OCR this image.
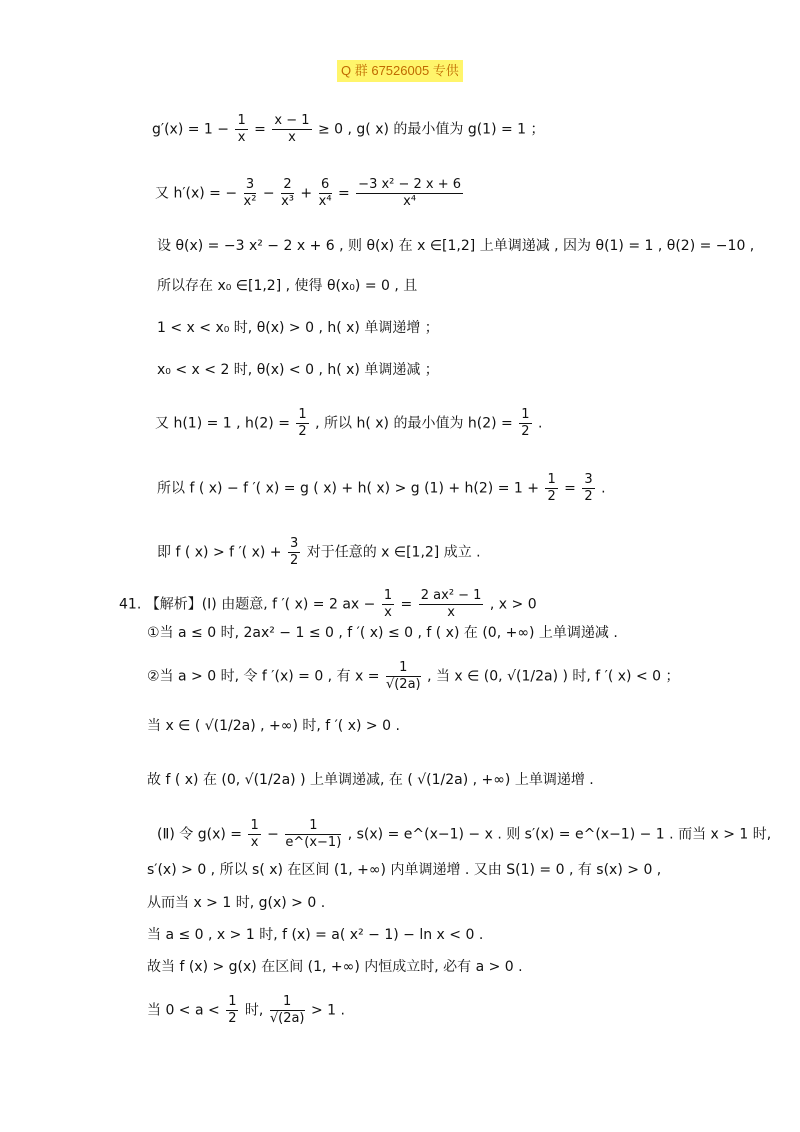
Q 群 67526005 专供
$g'(x) = 1 - \frac{1}{x} = \frac{x - 1}{x} \ge 0$ , g( x) 的最小值为 g(1) = 1 ；
又 h′(x) = − $\frac{3}{\text{x²}} - \frac{2}{\text{x³}} + \frac{6}{\text{x⁴}} = \frac{\text{−3 x² − 2 x + 6}}{\text{x⁴}}$
设 θ(x) = −3 x² − 2 x + 6 , 则 θ(x) 在 x ∈[1,2] 上单调递减 , 因为 θ(1) = 1 , θ(2) = −10 ,
所以存在 x₀ ∈[1,2] , 使得 θ(x₀) = 0 , 且
1 < x < x₀ 时, θ(x) > 0 , h( x) 单调递增 ；
x₀ < x < 2 时, θ(x) < 0 , h( x) 单调递减 ；
又 h(1) = 1 , $h(2) = \frac{1}{2}$ , 所以 h( x) 的最小值为 $h(2) = \frac{1}{2}$ .
所以 f ( x) − f ′( x) = g ( x) + h( x) > g $(1) + h(2) = 1 + \frac{1}{2} = \frac{3}{2}$ .
即 f ( x) > f ′( $x) + \frac{3}{2}$ 对于任意的 x ∈[1,2] 成立 .
41. 【解析】(Ⅰ) 由题意, f ′( x) = 2 ax − $\frac{1}{x} = \frac{\text{2 ax² − 1}}{x}$ , x > 0
①当 a ≤ 0 时, 2ax² − 1 ≤ 0 , f ′( x) ≤ 0 , f ( x) 在 (0, +∞) 上单调递减 .
②当 a > 0 时, 令 f ′(x) = 0 , 有 $x = \frac{1}{√(2a)}$ , 当 x ∈ (0, √(1/2a) ) 时, f ′( x) < 0 ；
当 x ∈ ( √(1/2a) , +∞) 时, f ′( x) > 0 .
故 f ( x) 在 (0, √(1/2a) ) 上单调递减, 在 ( √(1/2a) , +∞) 上单调递增 .
(Ⅱ) 令 $g(x) = \frac{1}{x} - \frac{1}{e\^{}(x-1)}$ , s(x) = e^(x−1) − x . 则 s′(x) = e^(x−1) − 1 . 而当 x > 1 时,
s′(x) > 0 , 所以 s( x) 在区间 (1, +∞) 内单调递增 . 又由 S(1) = 0 , 有 s(x) > 0 ,
从而当 x > 1 时, g(x) > 0 .
当 a ≤ 0 , x > 1 时, f (x) = a( x² − 1) − ln x < 0 .
故当 f (x) > g(x) 在区间 (1, +∞) 内恒成立时, 必有 a > 0 .
当 $0 < a < \frac{1}{2}$ 时, $\frac{1}{√(2a)} > 1$ .
